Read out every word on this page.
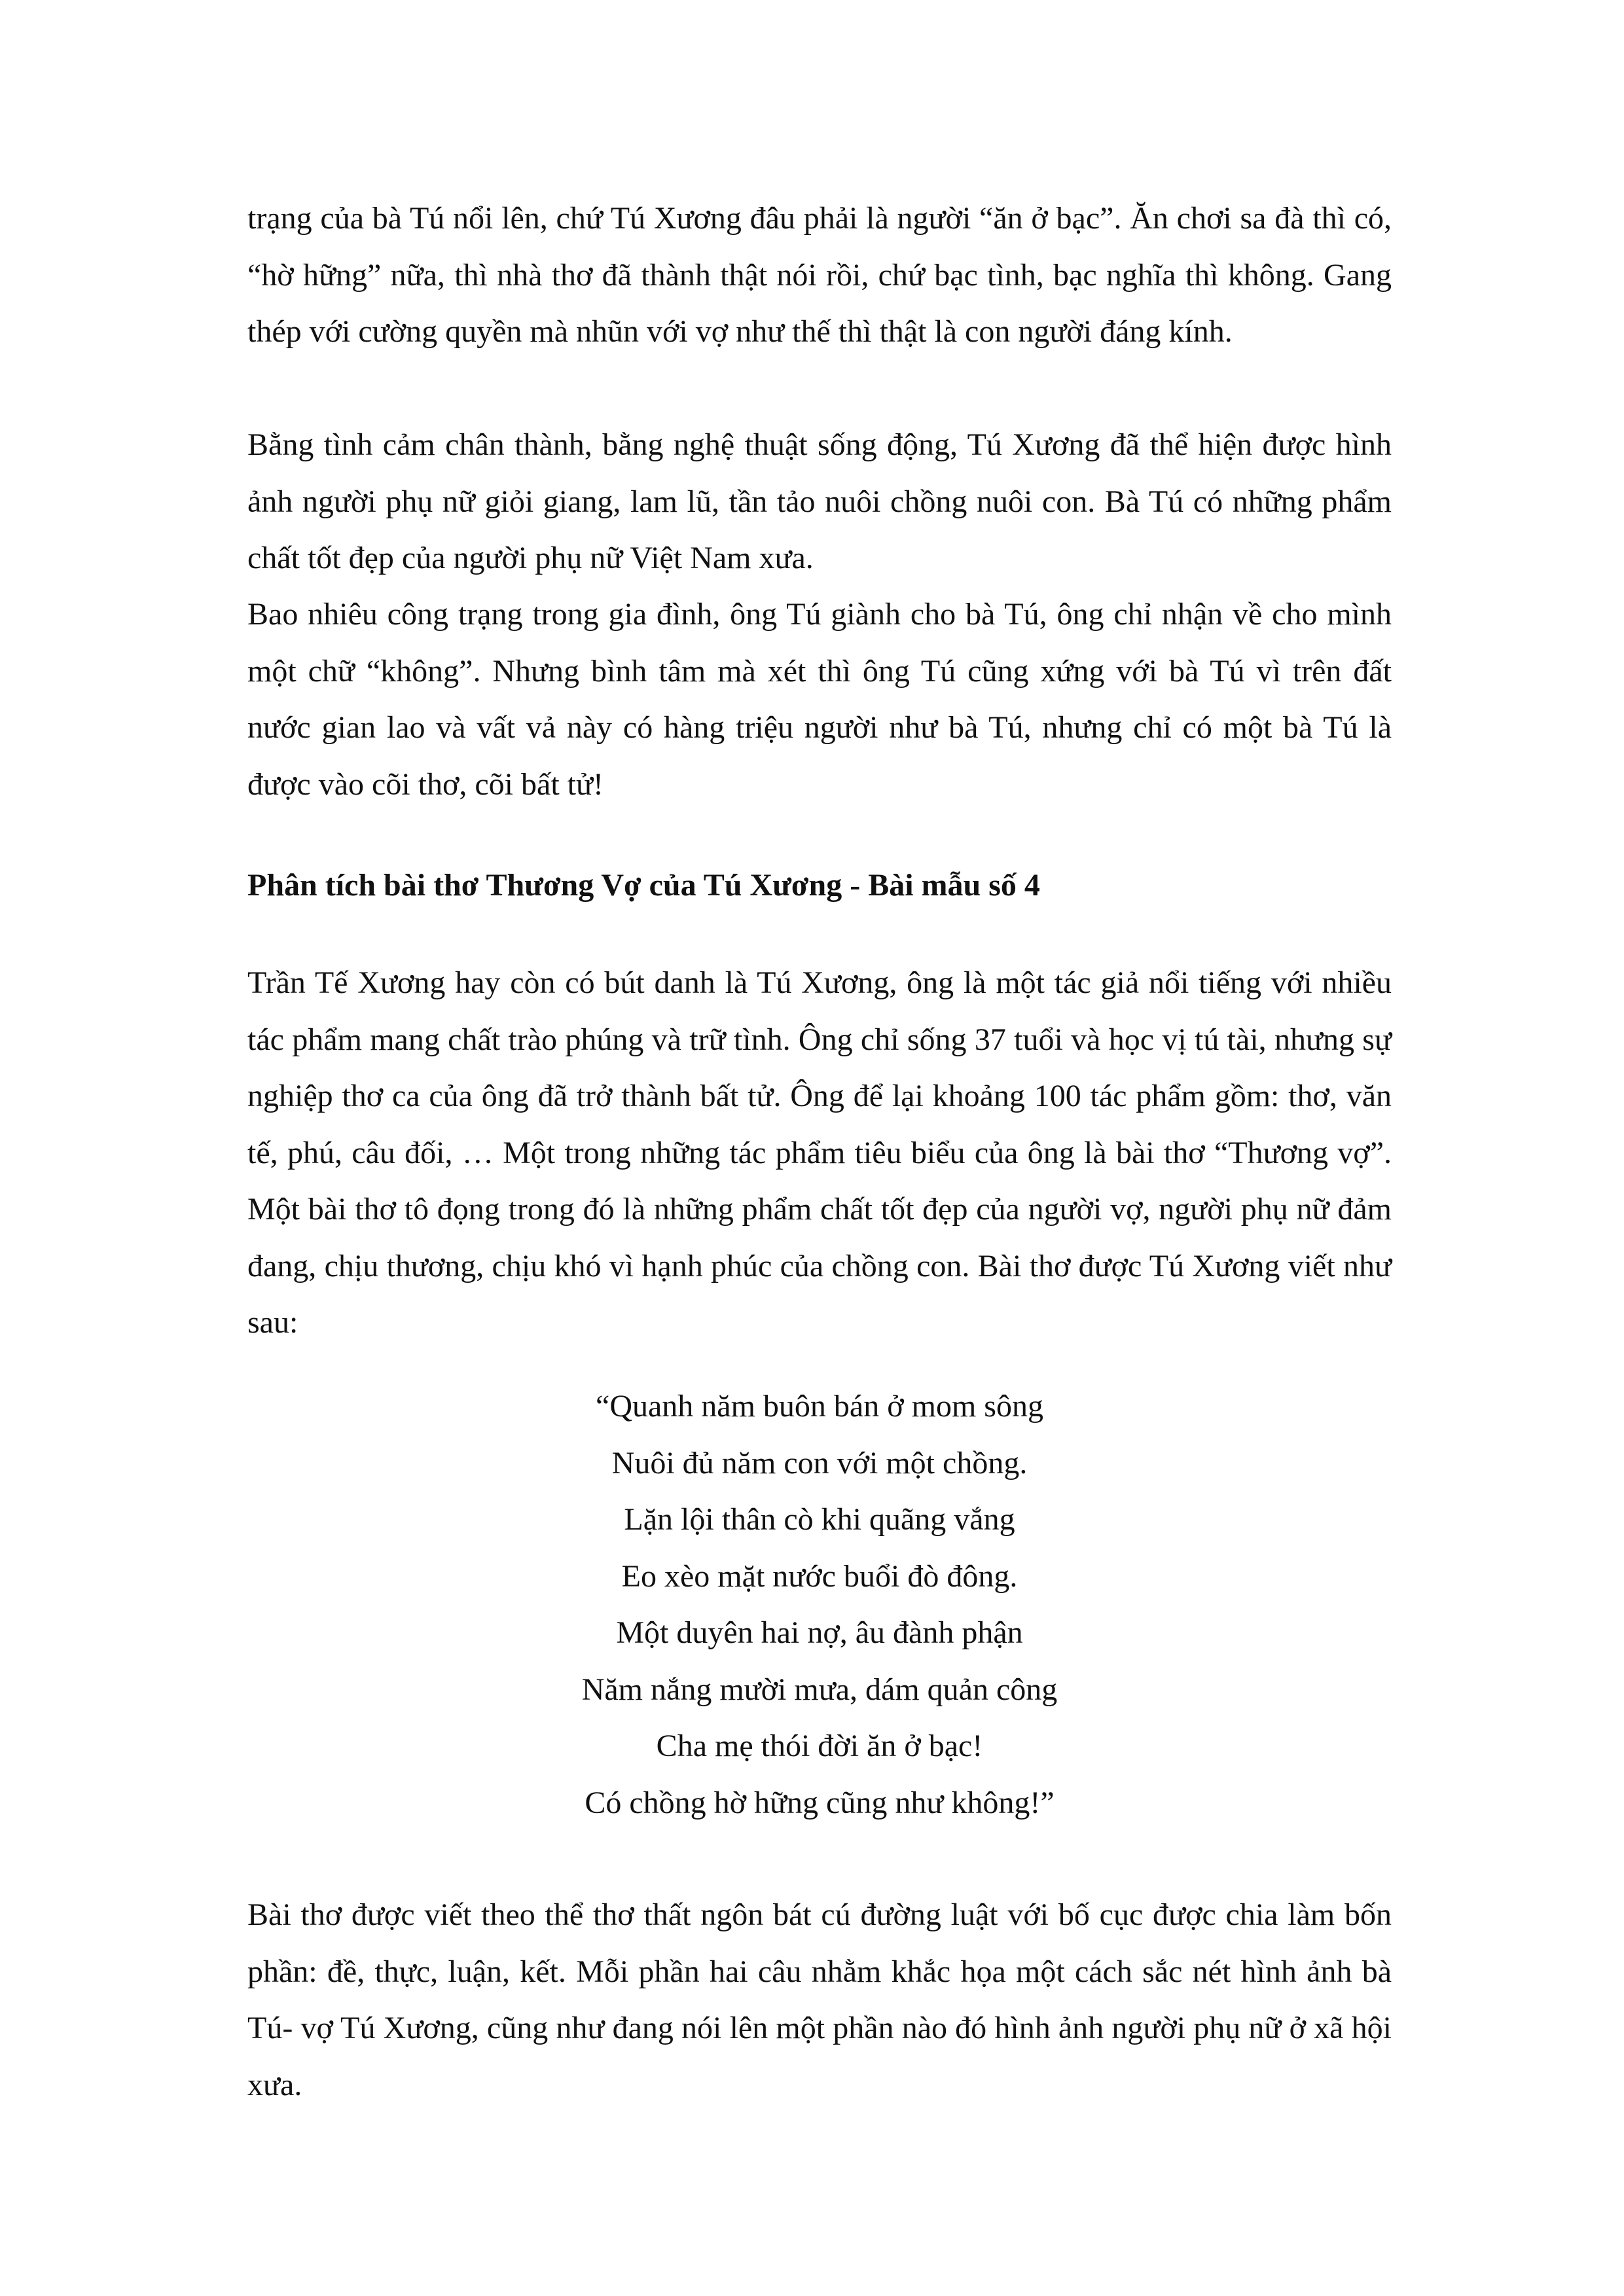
trạng của bà Tú nổi lên, chứ Tú Xương đâu phải là người “ăn ở bạc”. Ăn chơi sa đà thì có, “hờ hững” nữa, thì nhà thơ đã thành thật nói rồi, chứ bạc tình, bạc nghĩa thì không. Gang thép với cường quyền mà nhũn với vợ như thế thì thật là con người đáng kính.

Bằng tình cảm chân thành, bằng nghệ thuật sống động, Tú Xương đã thể hiện được hình ảnh người phụ nữ giỏi giang, lam lũ, tần tảo nuôi chồng nuôi con. Bà Tú có những phẩm chất tốt đẹp của người phụ nữ Việt Nam xưa.

Bao nhiêu công trạng trong gia đình, ông Tú giành cho bà Tú, ông chỉ nhận về cho mình một chữ “không”. Nhưng bình tâm mà xét thì ông Tú cũng xứng với bà Tú vì trên đất nước gian lao và vất vả này có hàng triệu người như bà Tú, nhưng chỉ có một bà Tú là được vào cõi thơ, cõi bất tử!

Phân tích bài thơ Thương Vợ của Tú Xương - Bài mẫu số 4

Trần Tế Xương hay còn có bút danh là Tú Xương, ông là một tác giả nổi tiếng với nhiều tác phẩm mang chất trào phúng và trữ tình. Ông chỉ sống 37 tuổi và học vị tú tài, nhưng sự nghiệp thơ ca của ông đã trở thành bất tử. Ông để lại khoảng 100 tác phẩm gồm: thơ, văn tế, phú, câu đối, … Một trong những tác phẩm tiêu biểu của ông là bài thơ “Thương vợ”. Một bài thơ tô đọng trong đó là những phẩm chất tốt đẹp của người vợ, người phụ nữ đảm đang, chịu thương, chịu khó vì hạnh phúc của chồng con. Bài thơ được Tú Xương viết như sau:

“Quanh năm buôn bán ở mom sông
Nuôi đủ năm con với một chồng.
Lặn lội thân cò khi quãng vắng
Eo xèo mặt nước buổi đò đông.
Một duyên hai nợ, âu đành phận
Năm nắng mười mưa, dám quản công
Cha mẹ thói đời ăn ở bạc!
Có chồng hờ hững cũng như không!”

Bài thơ được viết theo thể thơ thất ngôn bát cú đường luật với bố cục được chia làm bốn phần: đề, thực, luận, kết. Mỗi phần hai câu nhằm khắc họa một cách sắc nét hình ảnh bà Tú- vợ Tú Xương, cũng như đang nói lên một phần nào đó hình ảnh người phụ nữ ở xã hội xưa.
